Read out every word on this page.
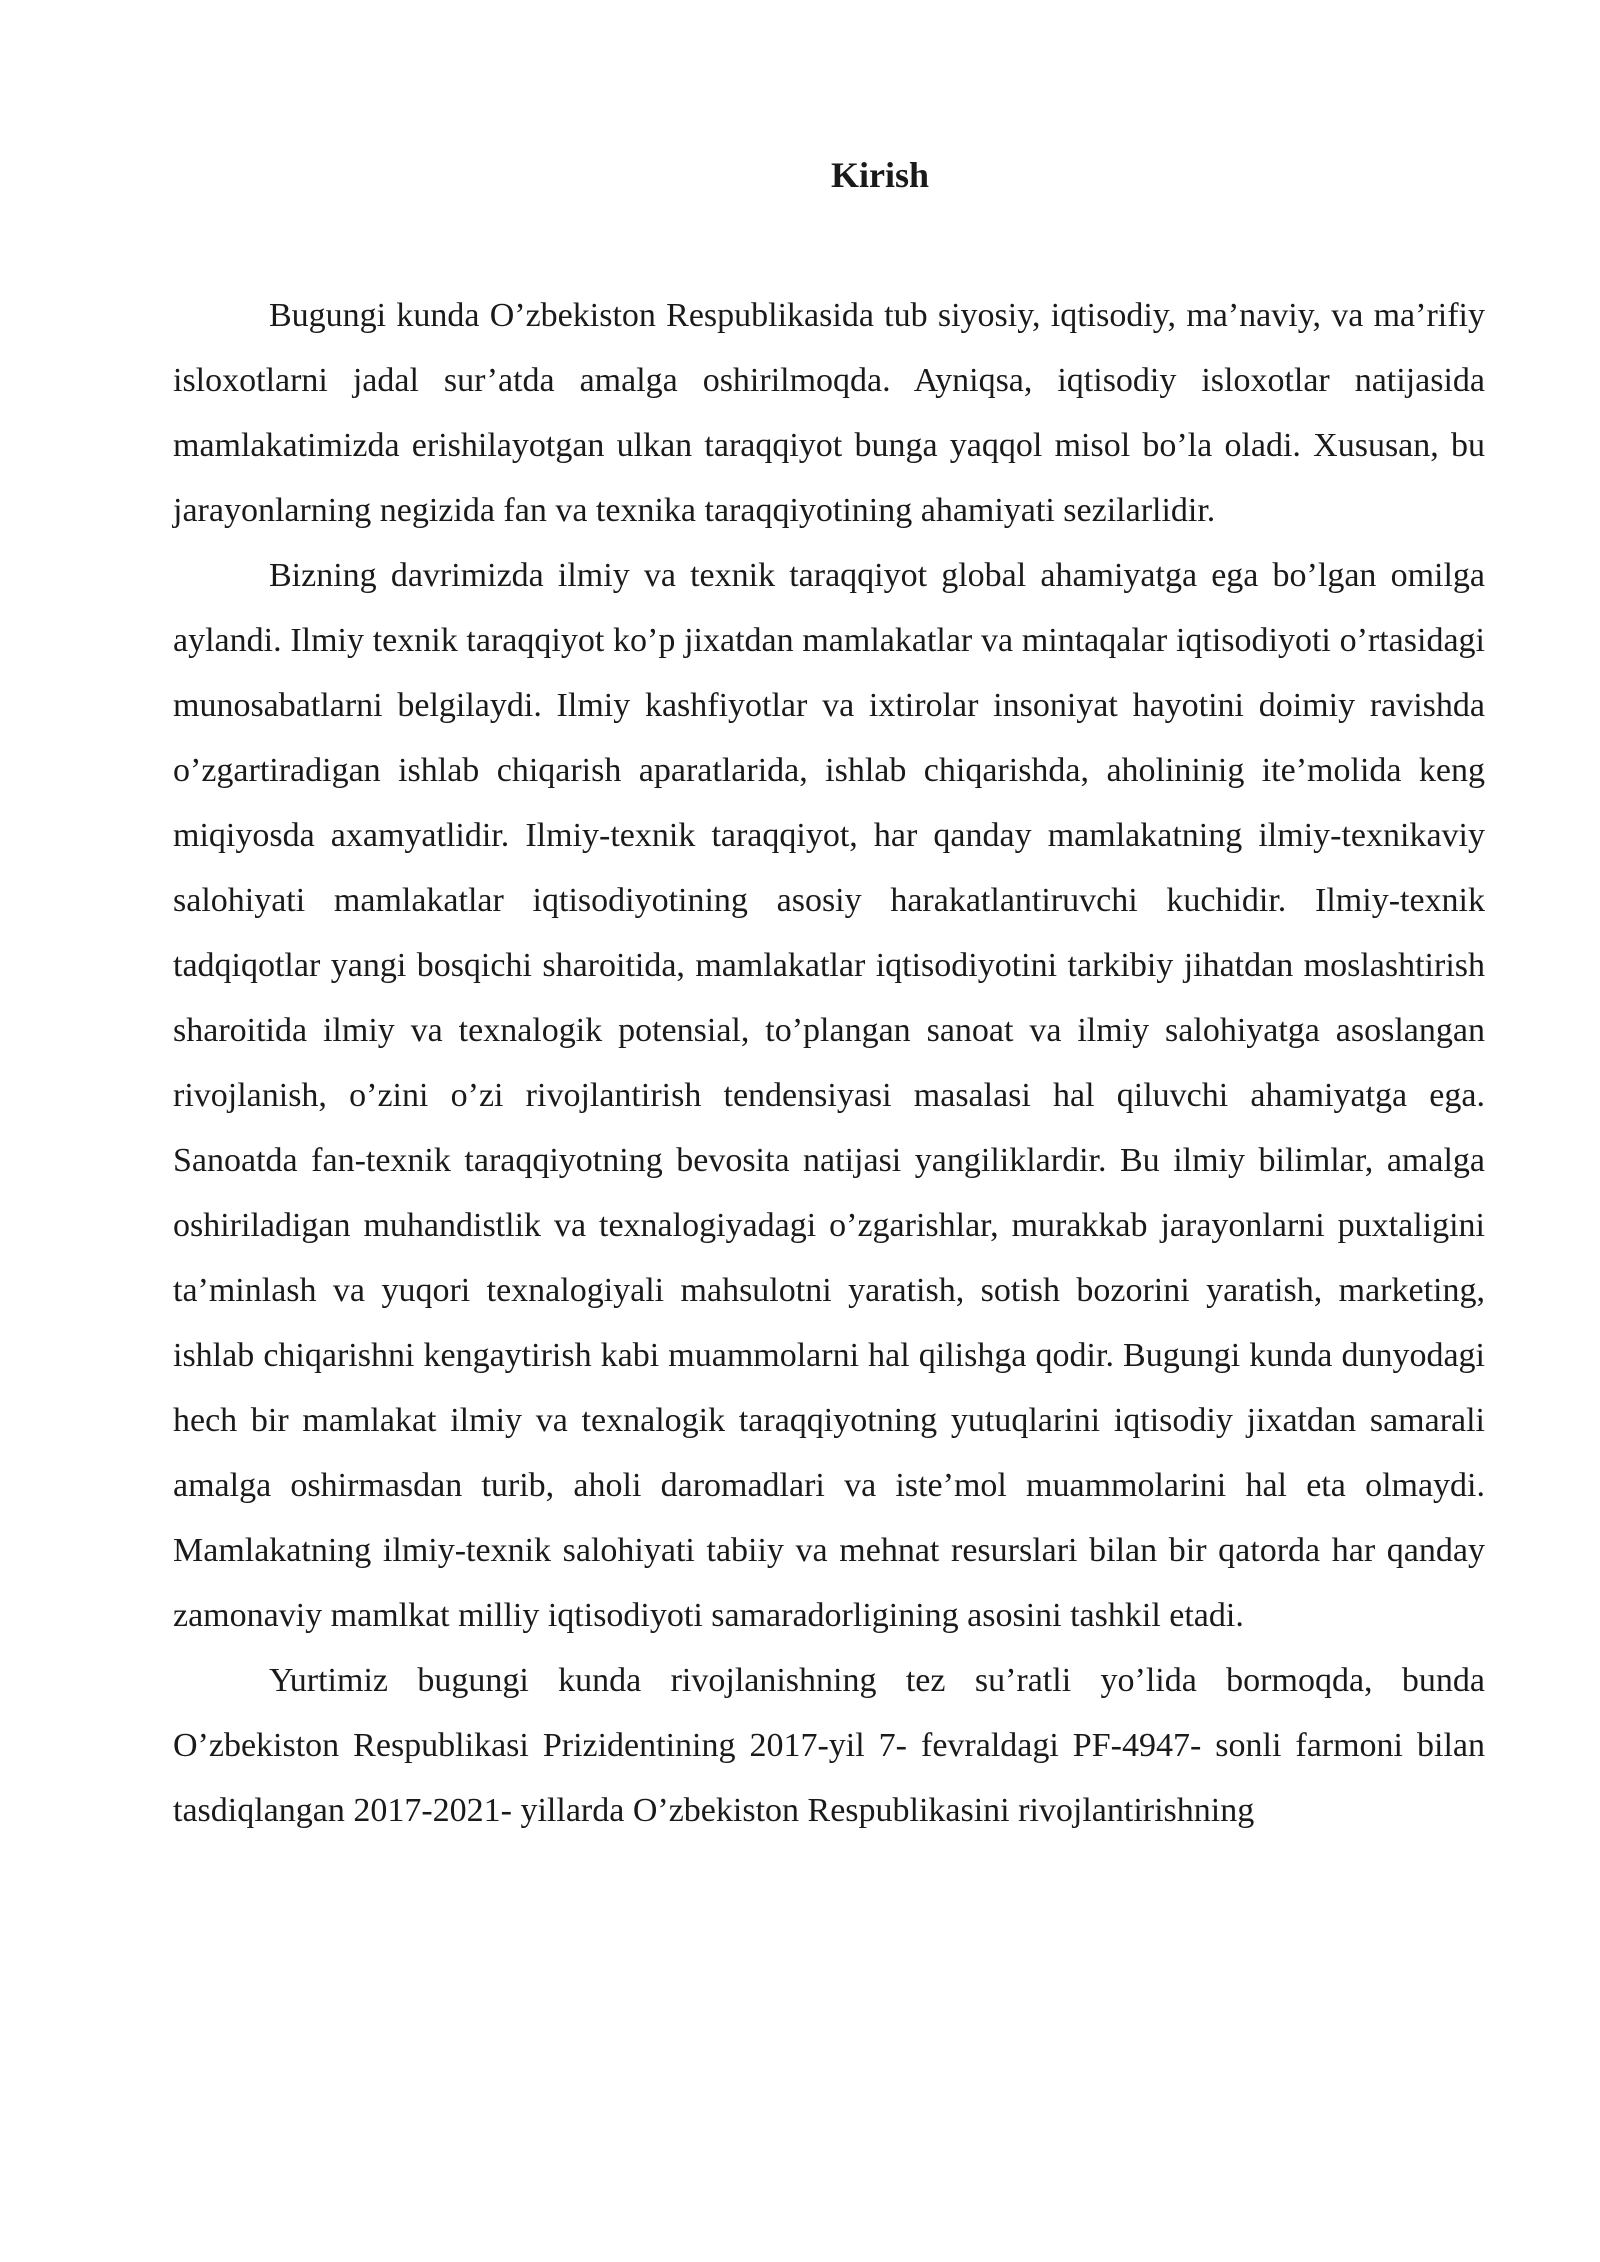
Kirish

Bugungi kunda O’zbekiston Respublikasida tub siyosiy, iqtisodiy, ma’naviy, va ma’rifiy isloxotlarni jadal sur’atda amalga oshirilmoqda. Ayniqsa, iqtisodiy isloxotlar natijasida mamlakatimizda erishilayotgan ulkan taraqqiyot bunga yaqqol misol bo’la oladi. Xususan, bu jarayonlarning negizida fan va texnika taraqqiyotining ahamiyati sezilarlidir.

Bizning davrimizda ilmiy va texnik taraqqiyot global ahamiyatga ega bo’lgan omilga aylandi. Ilmiy texnik taraqqiyot ko’p jixatdan mamlakatlar va mintaqalar iqtisodiyoti o’rtasidagi munosabatlarni belgilaydi. Ilmiy kashfiyotlar va ixtirolar insoniyat hayotini doimiy ravishda o’zgartiradigan ishlab chiqarish aparatlarida, ishlab chiqarishda, aholininig ite’molida keng miqiyosda axamyatlidir. Ilmiy-texnik taraqqiyot, har qanday mamlakatning ilmiy-texnikaviy salohiyati mamlakatlar iqtisodiyotining asosiy harakatlantiruvchi kuchidir. Ilmiy-texnik tadqiqotlar yangi bosqichi sharoitida, mamlakatlar iqtisodiyotini tarkibiy jihatdan moslashtirish sharoitida ilmiy va texnalogik potensial, to’plangan sanoat va ilmiy salohiyatga asoslangan rivojlanish, o’zini o’zi rivojlantirish tendensiyasi masalasi hal qiluvchi ahamiyatga ega. Sanoatda fan-texnik taraqqiyotning bevosita natijasi yangiliklardir. Bu ilmiy bilimlar, amalga oshiriladigan muhandistlik va texnalogiyadagi o’zgarishlar, murakkab jarayonlarni puxtaligini ta’minlash va yuqori texnalogiyali mahsulotni yaratish, sotish bozorini yaratish, marketing, ishlab chiqarishni kengaytirish kabi muammolarni hal qilishga qodir. Bugungi kunda dunyodagi hech bir mamlakat ilmiy va texnalogik taraqqiyotning yutuqlarini iqtisodiy jixatdan samarali amalga oshirmasdan turib, aholi daromadlari va iste’mol muammolarini hal eta olmaydi. Mamlakatning ilmiy-texnik salohiyati tabiiy va mehnat resurslari bilan bir qatorda har qanday zamonaviy mamlkat milliy iqtisodiyoti samaradorligining asosini tashkil etadi.

Yurtimiz bugungi kunda rivojlanishning tez su’ratli yo’lida bormoqda, bunda O’zbekiston Respublikasi Prizidentining 2017-yil 7- fevraldagi PF-4947- sonli farmoni bilan tasdiqlangan 2017-2021- yillarda O’zbekiston Respublikasini rivojlantirishning
